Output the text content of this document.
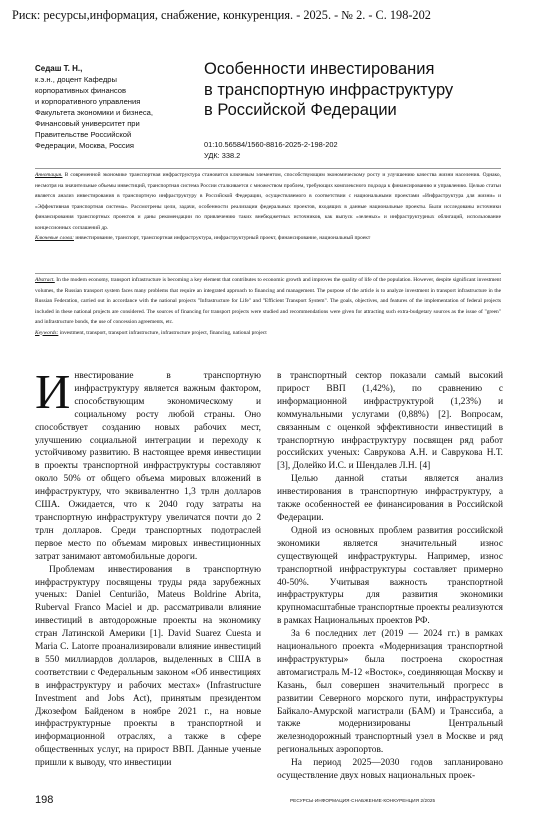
Риск: ресурсы,информация, снабжение, конкуренция. - 2025. - № 2. - С. 198-202
Седаш Т. Н.,
к.э.н., доцент Кафедры
корпоративных финансов
и корпоративного управления
Факультета экономики и бизнеса,
Финансовый университет при
Правительстве Российской
Федерации, Москва, Россия
Особенности инвестирования
в транспортную инфраструктуру
в Российской Федерации
01:10.56584/1560-8816-2025-2-198-202
УДК: 338.2
Аннотация. В современной экономике транспортная инфраструктура становится ключевым элементом, способствующим экономическому росту и улучшению качества жизни населения. Однако, несмотря на значительные объемы инвестиций, транспортная система России сталкивается с множеством проблем, требующих комплексного подхода к финансированию и управлению. Целью статьи является анализ инвестирования в транспортную инфраструктуру в Российской Федерации, осуществляемого в соответствии с национальными проектами «Инфраструктура для жизни» и «Эффективная транспортная система». Рассмотрены цели, задачи, особенности реализации федеральных проектов, входящих в данные национальные проекты. Были исследованы источники финансирования транспортных проектов и даны рекомендации по привлечению таких внебюджетных источников, как выпуск «зеленых» и инфраструктурных облигаций, использование концессионных соглашений др.
Ключевые слова: инвестирование, транспорт, транспортная инфраструктура, инфраструктурный проект, финансирование, национальный проект
Abstract. In the modern economy, transport infrastructure is becoming a key element that contributes to economic growth and improves the quality of life of the population. However, despite significant investment volumes, the Russian transport system faces many problems that require an integrated approach to financing and management. The purpose of the article is to analyze investment in transport infrastructure in the Russian Federation, carried out in accordance with the national projects "Infrastructure for Life" and "Efficient Transport System". The goals, objectives, and features of the implementation of federal projects included in these national projects are considered. The sources of financing for transport projects were studied and recommendations were given for attracting such extra-budgetary sources as the issue of "green" and infrastructure bonds, the use of concession agreements, etc.
Keywords: investment, transport, transport infrastructure, infrastructure project, financing, national project

Инвестирование в транспортную инфраструктуру является важным фактором, способствующим экономическому и социальному росту любой страны. Оно способствует созданию новых рабочих мест, улучшению социальной интеграции и переходу к устойчивому развитию. В настоящее время инвестиции в проекты транспортной инфраструктуры составляют около 50% от общего объема мировых вложений в инфраструктуру, что эквивалентно 1,3 трлн долларов США. Ожидается, что к 2040 году затраты на транспортную инфраструктуру увеличатся почти до 2 трлн долларов. Среди транспортных подотраслей первое место по объемам мировых инвестиционных затрат занимают автомобильные дороги.

Проблемам инвестирования в транспортную инфраструктуру посвящены труды ряда зарубежных ученых: Daniel Centurião, Mateus Boldrine Abrita, Ruberval Franco Maciel и др. рассматривали влияние инвестиций в автодорожные проекты на экономику стран Латинской Америки [1]. David Suarez Cuesta и Maria C. Latorre проанализировали влияние инвестиций в 550 миллиардов долларов, выделенных в США в соответствии с Федеральным законом «Об инвестициях в инфраструктуру и рабочих местах» (Infrastructure Investment and Jobs Act), принятым президентом Джозефом Байденом в ноябре 2021 г., на новые инфраструктурные проекты в транспортной и информационной отраслях, а также в сфере общественных услуг, на прирост ВВП. Данные ученые пришли к выводу, что инвестиции

в транспортный сектор показали самый высокий прирост ВВП (1,42%), по сравнению с информационной инфраструктурой (1,23%) и коммунальными услугами (0,88%) [2]. Вопросам, связанным с оценкой эффективности инвестиций в транспортную инфраструктуру посвящен ряд работ российских ученых: Саврукова А.Н. и Саврукова Н.Т. [3], Долейко И.С. и Шендалев Л.Н. [4]

Целью данной статьи является анализ инвестирования в транспортную инфраструктуру, а также особенностей ее финансирования в Российской Федерации.

Одной из основных проблем развития российской экономики является значительный износ существующей инфраструктуры. Например, износ транспортной инфраструктуры составляет примерно 40-50%. Учитывая важность транспортной инфраструктуры для развития экономики крупномасштабные транспортные проекты реализуются в рамках Национальных проектов РФ.

За 6 последних лет (2019 — 2024 гг.) в рамках национального проекта «Модернизация транспортной инфраструктуры» была построена скоростная автомагистраль М-12 «Восток», соединяющая Москву и Казань, был совершен значительный прогресс в развитии Северного морского пути, инфраструктуры Байкало-Амурской магистрали (БАМ) и Транссиба, а также модернизированы Центральный железнодорожный транспортный узел в Москве и ряд региональных аэропортов.

На период 2025—2030 годов запланировано осуществление двух новых национальных проек-

198	РЕСУРСЫ·ИНФОРМАЦИЯ·СНАБЖЕНИЕ·КОНКУРЕНЦИЯ 2/2025
